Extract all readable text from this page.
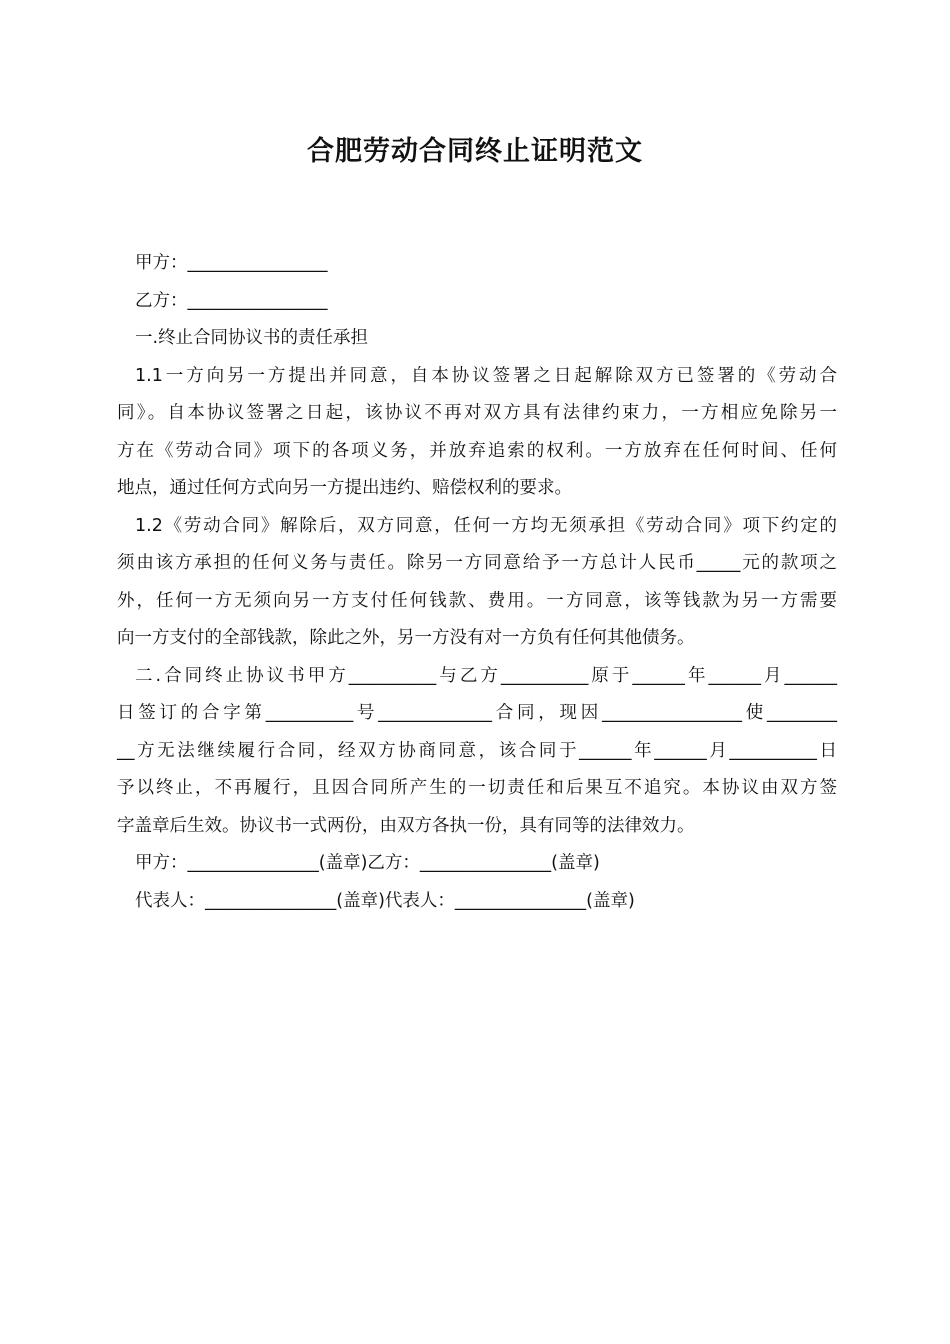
合肥劳动合同终止证明范文
甲方：________________
乙方：________________
一.终止合同协议书的责任承担
1.1一方向另一方提出并同意，自本协议签署之日起解除双方已签署的《劳动合
同》。自本协议签署之日起，该协议不再对双方具有法律约束力，一方相应免除另一
方在《劳动合同》项下的各项义务，并放弃追索的权利。一方放弃在任何时间、任何
地点，通过任何方式向另一方提出违约、赔偿权利的要求。
1.2《劳动合同》解除后，双方同意，任何一方均无须承担《劳动合同》项下约定的
须由该方承担的任何义务与责任。除另一方同意给予一方总计人民币_____元的款项之
外，任何一方无须向另一方支付任何钱款、费用。一方同意，该等钱款为另一方需要
向一方支付的全部钱款，除此之外，另一方没有对一方负有任何其他债务。
二.合同终止协议书甲方__________与乙方__________原于______年______月______
日签订的合字第__________号_____________合同，现因________________使________
__方无法继续履行合同，经双方协商同意，该合同于______年______月__________日
予以终止，不再履行，且因合同所产生的一切责任和后果互不追究。本协议由双方签
字盖章后生效。协议书一式两份，由双方各执一份，具有同等的法律效力。
甲方：_______________(盖章)乙方：_______________(盖章)
代表人：_______________(盖章)代表人：_______________(盖章)
